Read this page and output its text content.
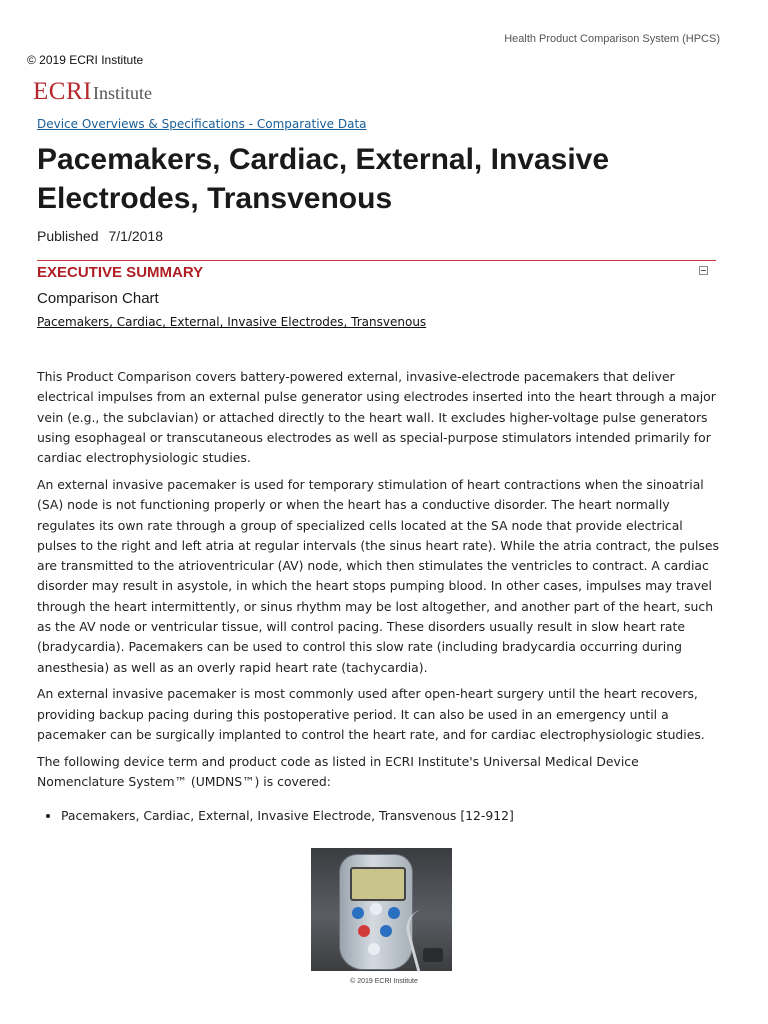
Health Product Comparison System (HPCS)
© 2019 ECRI Institute
ECRIInstitute
Device Overviews & Specifications - Comparative Data
Pacemakers, Cardiac, External, Invasive Electrodes, Transvenous
Published 7/1/2018
EXECUTIVE SUMMARY
Comparison Chart
Pacemakers, Cardiac, External, Invasive Electrodes, Transvenous

This Product Comparison covers battery-powered external, invasive-electrode pacemakers that deliver electrical impulses from an external pulse generator using electrodes inserted into the heart through a major vein (e.g., the subclavian) or attached directly to the heart wall. It excludes higher-voltage pulse generators using esophageal or transcutaneous electrodes as well as special-purpose stimulators intended primarily for cardiac electrophysiologic studies.

An external invasive pacemaker is used for temporary stimulation of heart contractions when the sinoatrial (SA) node is not functioning properly or when the heart has a conductive disorder. The heart normally regulates its own rate through a group of specialized cells located at the SA node that provide electrical pulses to the right and left atria at regular intervals (the sinus heart rate). While the atria contract, the pulses are transmitted to the atrioventricular (AV) node, which then stimulates the ventricles to contract. A cardiac disorder may result in asystole, in which the heart stops pumping blood. In other cases, impulses may travel through the heart intermittently, or sinus rhythm may be lost altogether, and another part of the heart, such as the AV node or ventricular tissue, will control pacing. These disorders usually result in slow heart rate (bradycardia). Pacemakers can be used to control this slow rate (including bradycardia occurring during anesthesia) as well as an overly rapid heart rate (tachycardia).

An external invasive pacemaker is most commonly used after open-heart surgery until the heart recovers, providing backup pacing during this postoperative period. It can also be used in an emergency until a pacemaker can be surgically implanted to control the heart rate, and for cardiac electrophysiologic studies.

The following device term and product code as listed in ECRI Institute's Universal Medical Device Nomenclature System™ (UMDNS™) is covered:

• Pacemakers, Cardiac, External, Invasive Electrode, Transvenous [12-912]
© 2019 ECRI Institute
